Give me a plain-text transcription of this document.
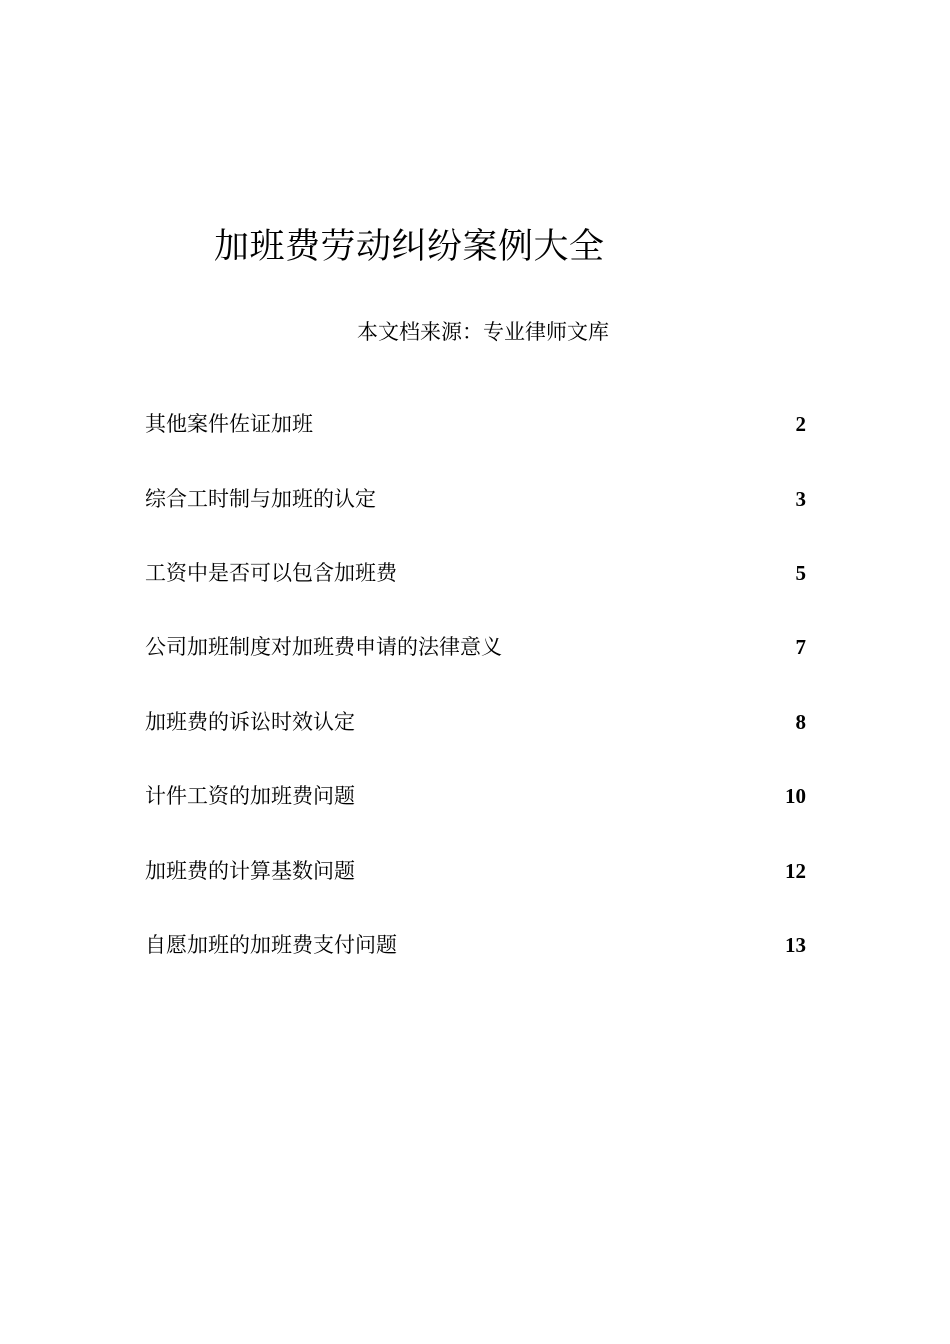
加班费劳动纠纷案例大全
本文档来源：专业律师文库
其他案件佐证加班	2
综合工时制与加班的认定	3
工资中是否可以包含加班费	5
公司加班制度对加班费申请的法律意义	7
加班费的诉讼时效认定	8
计件工资的加班费问题	10
加班费的计算基数问题	12
自愿加班的加班费支付问题	13
